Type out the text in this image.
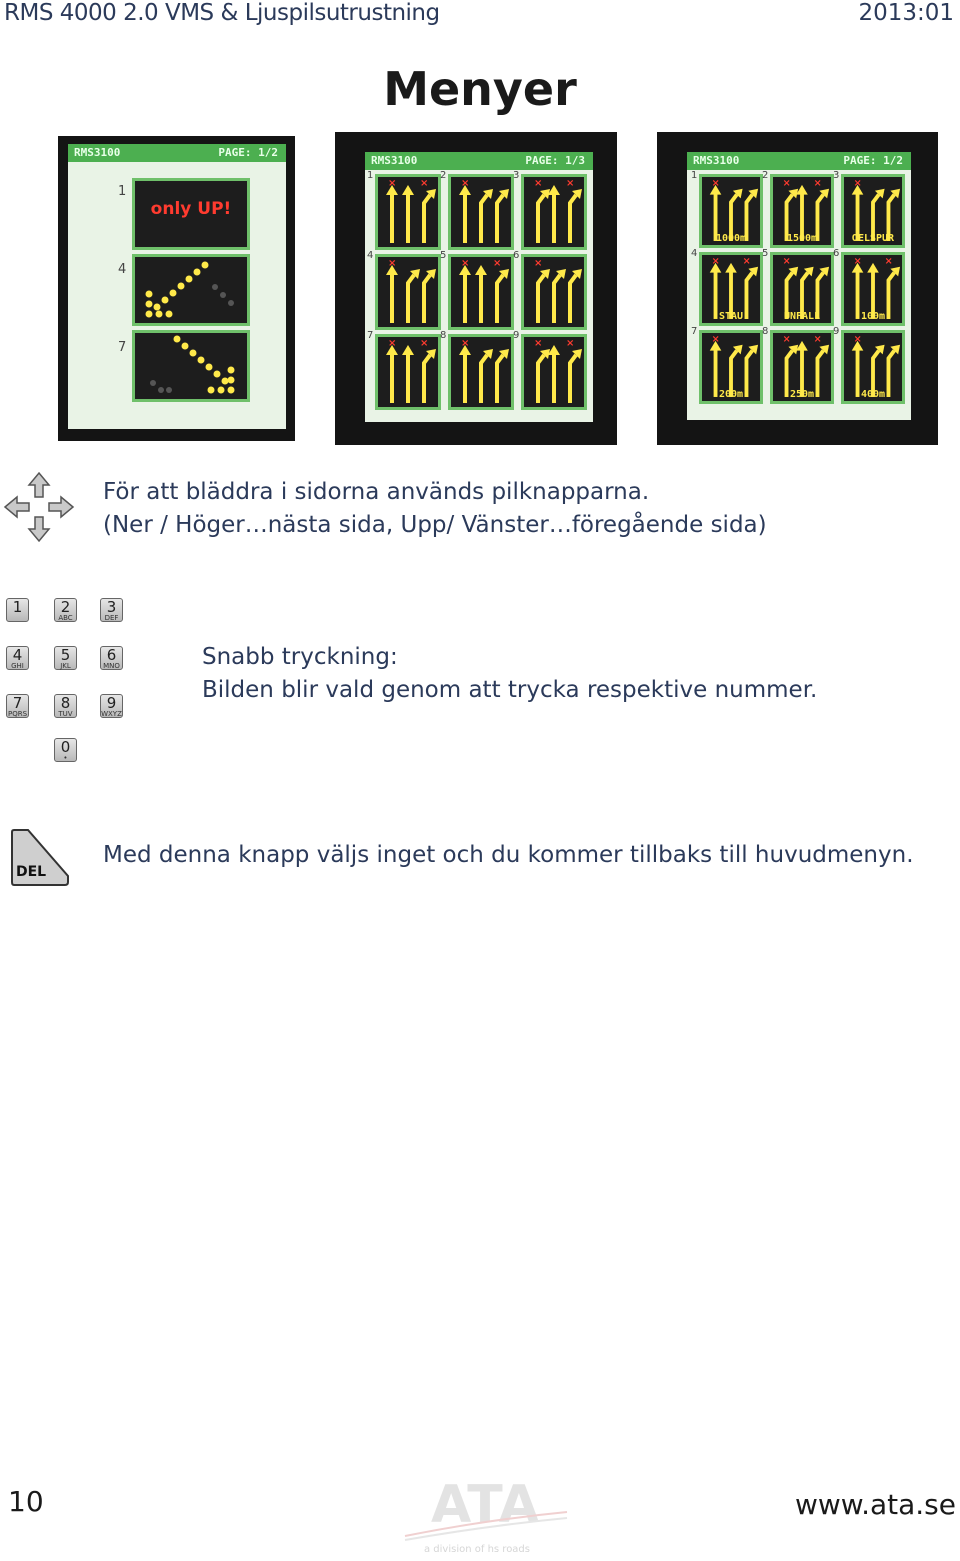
RMS 4000 2.0 VMS & Ljuspilsutrustning	2013:01
Menyer
RMS3100	PAGE: 1/2
1
only UP!
4
7
RMS3100	PAGE: 1/3
1
× ×
2
×
3
× ×
4
×
5
× ×
6
×
7
× ×
8
×
9
× ×
RMS3100	PAGE: 1/2
1
×
1000m
2
× ×
1500m
3
×
OELSPUR
4
× ×
STAU
5
×
UNFALL
6
× ×
100m
7
×
200m
8
× ×
250m
9
×
400m
För att bläddra i sidorna används pilknapparna.
(Ner / Höger…nästa sida, Upp/ Vänster…föregående sida)
1	2
ABC
3
DEF
4
GHI
5
JKL
6
MNO
7
PQRS
8
TUV
9
WXYZ
0
•
Snabb tryckning:
Bilden blir vald genom att trycka respektive nummer.
DEL
Med denna knapp väljs inget och du kommer tillbaks till huvudmenyn.
10	ATA
a division of hs roads
www.ata.se
